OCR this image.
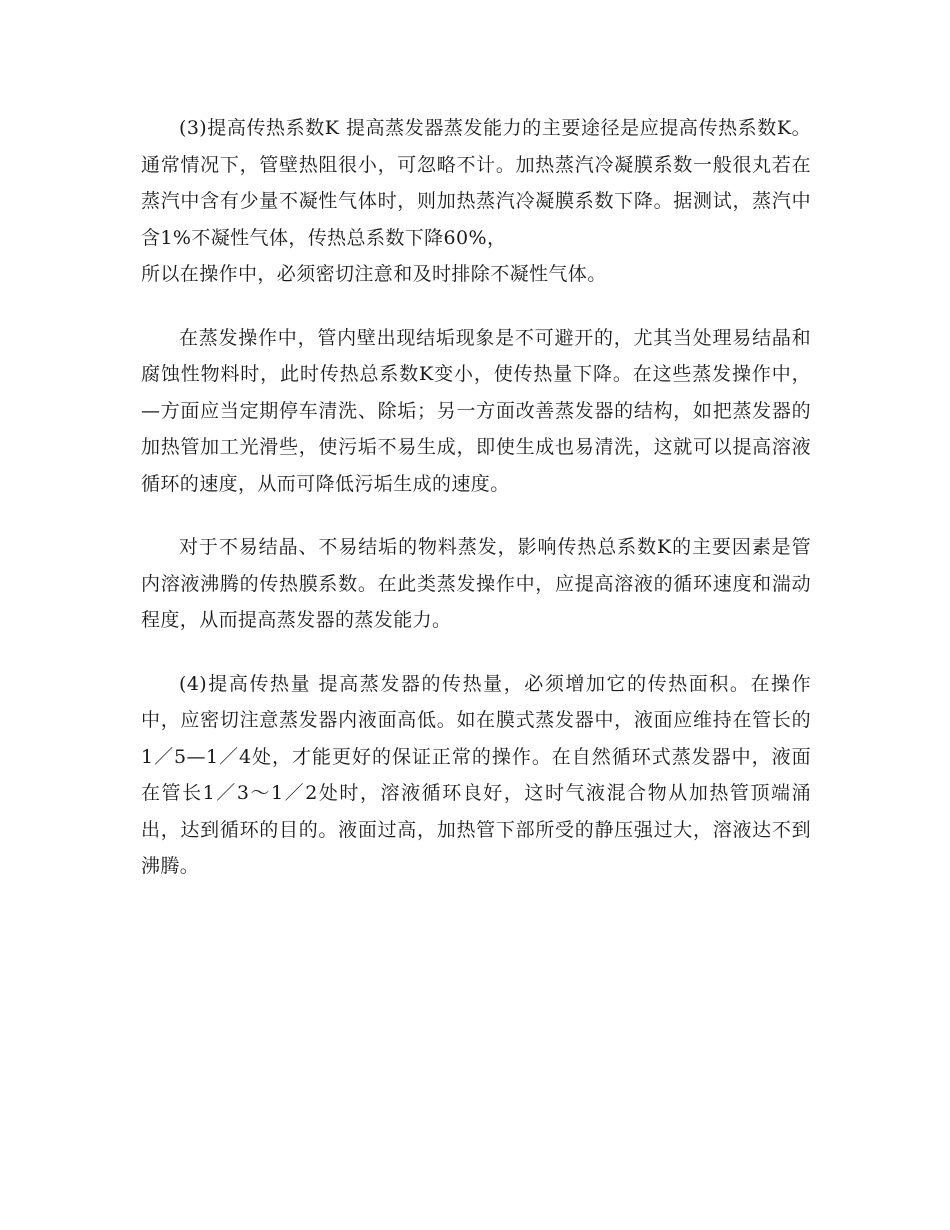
(3)提高传热系数K 提高蒸发器蒸发能力的主要途径是应提高传热系数K。通常情况下，管壁热阻很小，可忽略不计。加热蒸汽冷凝膜系数一般很丸若在蒸汽中含有少量不凝性气体时，则加热蒸汽冷凝膜系数下降。据测试，蒸汽中含1%不凝性气体，传热总系数下降60%，
所以在操作中，必须密切注意和及时排除不凝性气体。

在蒸发操作中，管内壁出现结垢现象是不可避开的，尤其当处理易结晶和腐蚀性物料时，此时传热总系数K变小，使传热量下降。在这些蒸发操作中，—方面应当定期停车清洗、除垢；另一方面改善蒸发器的结构，如把蒸发器的加热管加工光滑些，使污垢不易生成，即使生成也易清洗，这就可以提高溶液循环的速度，从而可降低污垢生成的速度。

对于不易结晶、不易结垢的物料蒸发，影响传热总系数K的主要因素是管内溶液沸腾的传热膜系数。在此类蒸发操作中，应提高溶液的循环速度和湍动程度，从而提高蒸发器的蒸发能力。

(4)提高传热量 提高蒸发器的传热量，必须增加它的传热面积。在操作中，应密切注意蒸发器内液面高低。如在膜式蒸发器中，液面应维持在管长的1／5—1／4处，才能更好的保证正常的操作。在自然循环式蒸发器中，液面在管长1／3～1／2处时，溶液循环良好，这时气液混合物从加热管顶端涌出，达到循环的目的。液面过高，加热管下部所受的静压强过大，溶液达不到沸腾。
